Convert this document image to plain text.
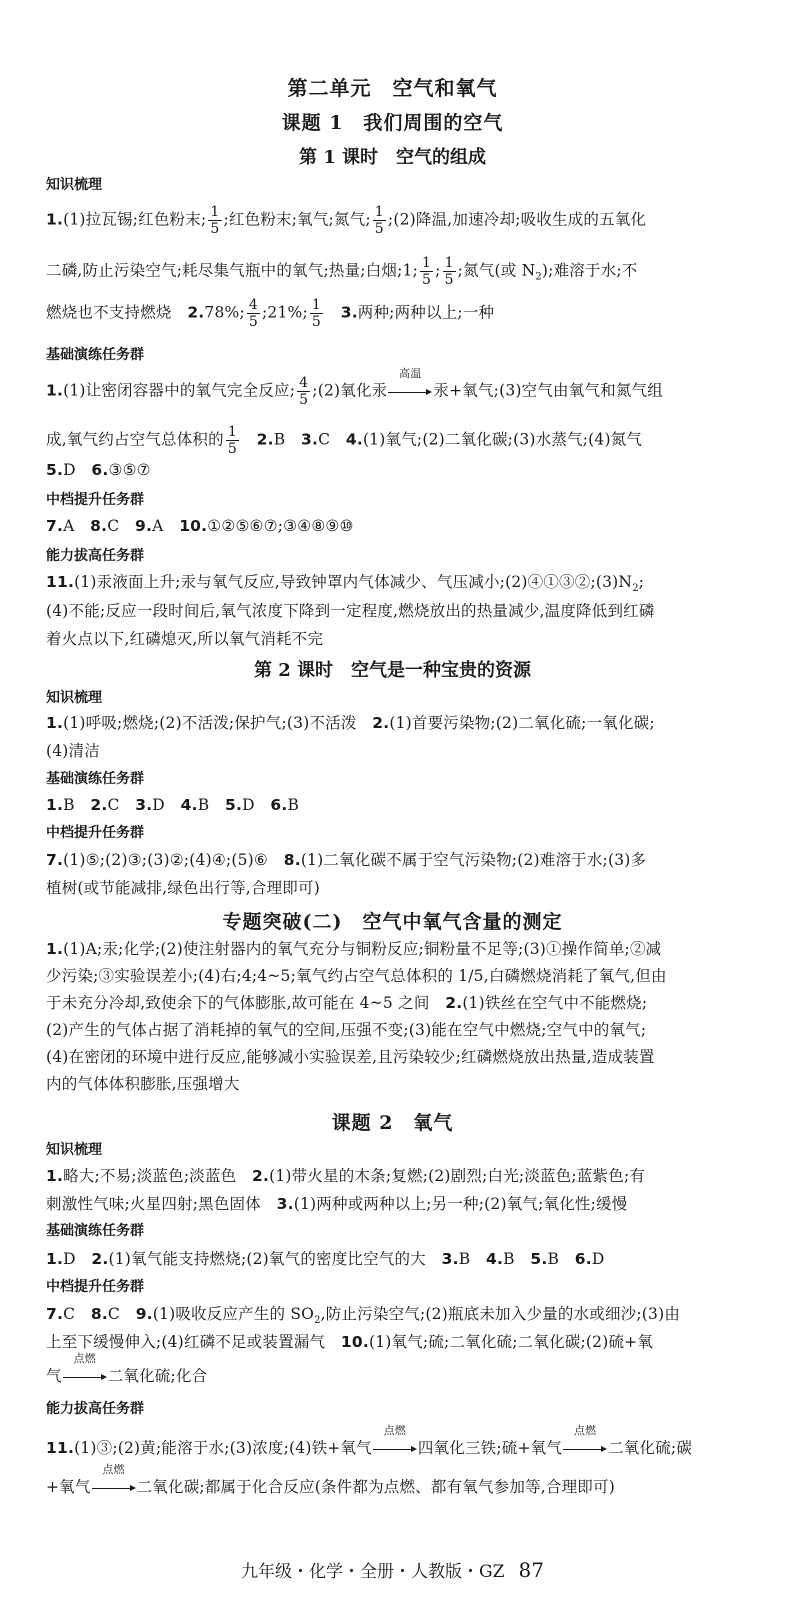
第二单元　空气和氧气
课题 1　我们周围的空气
第 1 课时　空气的组成
知识梳理
1.(1)拉瓦锡;红色粉末; $\frac{1}{5}$ ;红色粉末;氧气;氮气; $\frac{1}{5}$ ;(2)降温,加速冷却;吸收生成的五氧化
二磷,防止污染空气;耗尽集气瓶中的氧气;热量;白烟;1; $\frac{1}{5}$ ; $\frac{1}{5}$ ;氮气(或 $N_2$);难溶于水;不
燃烧也不支持燃烧　2.78%; $\frac{4}{5}$ ;21%; $\frac{1}{5}$
　 3.两种;两种以上;一种
基础演练任务群
1.(1)让密闭容器中的氧气完全反应; $\frac{4}{5}$ ;(2)氧化汞
高温
汞+氧气;(3)空气由氧气和氮气组
成,氧气约占空气总体积的 $\frac{1}{5}$
　 2.B　3.C　4.(1)氧气;(2)二氧化碳;(3)水蒸气;(4)氮气
5.D　6.③⑤⑦
中档提升任务群
7.A　8.C　9.A　10.①②⑤⑥⑦;③④⑧⑨⑩
能力拔高任务群
11.(1)汞液面上升;汞与氧气反应,导致钟罩内气体减少、气压减小$;(2)④①③②;(3)N_2$;
(4)不能;反应一段时间后,氧气浓度下降到一定程度,燃烧放出的热量减少,温度降低到红磷
着火点以下,红磷熄灭,所以氧气消耗不完
第 2 课时　空气是一种宝贵的资源
知识梳理
1.(1)呼吸;燃烧;(2)不活泼;保护气;(3)不活泼　2.(1)首要污染物;(2)二氧化硫;一氧化碳;
(4)清洁
基础演练任务群
1.B　2.C　3.D　4.B　5.D　6.B
中档提升任务群
7.(1)⑤;(2)③;(3)②;(4)④;(5)⑥　8.(1)二氧化碳不属于空气污染物;(2)难溶于水;(3)多
植树(或节能减排,绿色出行等,合理即可)
专题突破(二)　空气中氧气含量的测定
1.(1)A;汞;化学;(2)使注射器内的氧气充分与铜粉反应;铜粉量不足等;(3)①操作简单;②减
少污染;③实验误差小;(4)右;4;4~5;氧气约占空气总体积的 1/5,白磷燃烧消耗了氧气,但由
于未充分冷却,致使余下的气体膨胀,故可能在 4~5 之间　2.(1)铁丝在空气中不能燃烧;
(2)产生的气体占据了消耗掉的氧气的空间,压强不变;(3)能在空气中燃烧;空气中的氧气;
(4)在密闭的环境中进行反应,能够减小实验误差,且污染较少;红磷燃烧放出热量,造成装置
内的气体体积膨胀,压强增大
课题 2　氧气
知识梳理
1.略大;不易;淡蓝色;淡蓝色　2.(1)带火星的木条;复燃;(2)剧烈;白光;淡蓝色;蓝紫色;有
刺激性气味;火星四射;黑色固体　3.(1)两种或两种以上;另一种;(2)氧气;氧化性;缓慢
基础演练任务群
1.D　2.(1)氧气能支持燃烧;(2)氧气的密度比空气的大　3.B　4.B　5.B　6.D
中档提升任务群
7.C　8.C　9.(1)吸收反应产生的 $SO_2$,防止污染空气;(2)瓶底未加入少量的水或细沙;(3)由
上至下缓慢伸入;(4)红磷不足或装置漏气　10.(1)氧气;硫;二氧化硫;二氧化碳;(2)硫+氧
气
点燃
二氧化硫;化合
能力拔高任务群
11.(1)③;(2)黄;能溶于水;(3)浓度;(4)铁+氧气
点燃
四氧化三铁;硫+氧气
点燃
二氧化硫;碳
+氧气
点燃
二氧化碳;都属于化合反应(条件都为点燃、都有氧气参加等,合理即可)
九年级・化学・全册・人教版・GZ 87
